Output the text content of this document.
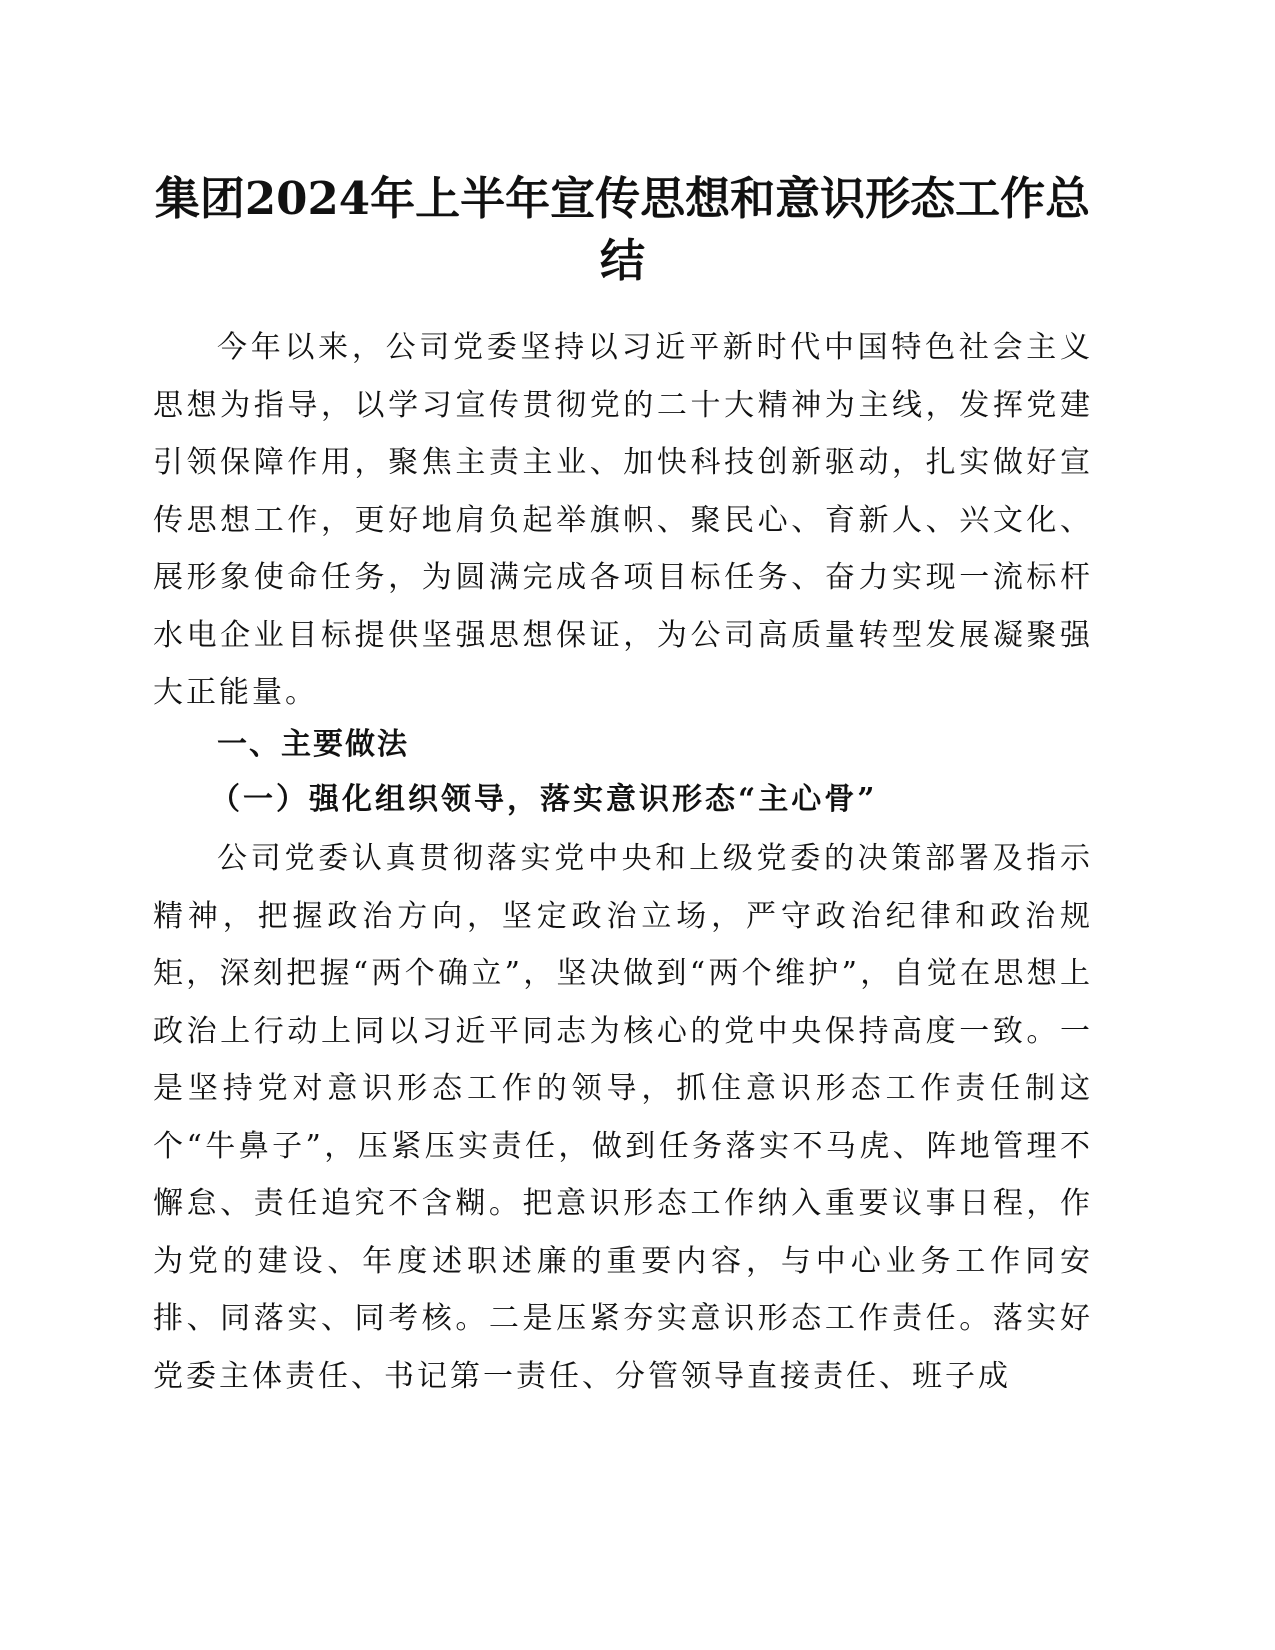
集团2024年上半年宣传思想和意识形态工作总结

今年以来，公司党委坚持以习近平新时代中国特色社会主义思想为指导，以学习宣传贯彻党的二十大精神为主线，发挥党建引领保障作用，聚焦主责主业、加快科技创新驱动，扎实做好宣传思想工作，更好地肩负起举旗帜、聚民心、育新人、兴文化、展形象使命任务，为圆满完成各项目标任务、奋力实现一流标杆水电企业目标提供坚强思想保证，为公司高质量转型发展凝聚强大正能量。

一、主要做法
（一）强化组织领导，落实意识形态“主心骨”

公司党委认真贯彻落实党中央和上级党委的决策部署及指示精神，把握政治方向，坚定政治立场，严守政治纪律和政治规矩，深刻把握“两个确立”，坚决做到“两个维护”，自觉在思想上政治上行动上同以习近平同志为核心的党中央保持高度一致。一是坚持党对意识形态工作的领导，抓住意识形态工作责任制这个“牛鼻子”，压紧压实责任，做到任务落实不马虎、阵地管理不懈怠、责任追究不含糊。把意识形态工作纳入重要议事日程，作为党的建设、年度述职述廉的重要内容，与中心业务工作同安排、同落实、同考核。二是压紧夯实意识形态工作责任。落实好党委主体责任、书记第一责任、分管领导直接责任、班子成
